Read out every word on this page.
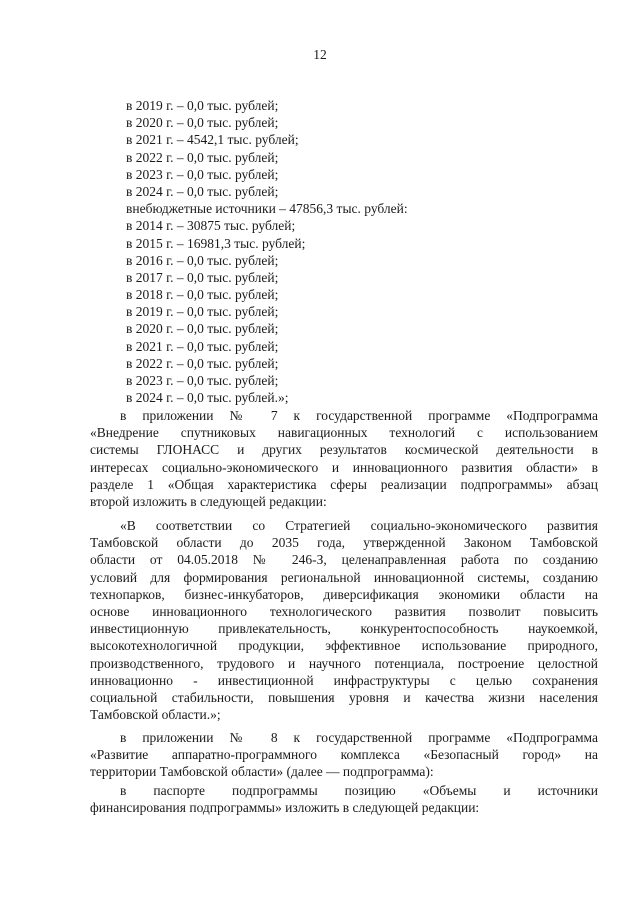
12
в 2019 г. – 0,0 тыс. рублей;
в 2020 г. – 0,0 тыс. рублей;
в 2021 г. – 4542,1 тыс. рублей;
в 2022 г. – 0,0 тыс. рублей;
в 2023 г. – 0,0 тыс. рублей;
в 2024 г. – 0,0 тыс. рублей;
внебюджетные источники – 47856,3 тыс. рублей:
в 2014 г. – 30875 тыс. рублей;
в 2015 г. – 16981,3 тыс. рублей;
в 2016 г. – 0,0 тыс. рублей;
в 2017 г. – 0,0 тыс. рублей;
в 2018 г. – 0,0 тыс. рублей;
в 2019 г. – 0,0 тыс. рублей;
в 2020 г. – 0,0 тыс. рублей;
в 2021 г. – 0,0 тыс. рублей;
в 2022 г. – 0,0 тыс. рублей;
в 2023 г. – 0,0 тыс. рублей;
в 2024 г. – 0,0 тыс. рублей.»;
в приложении № 7 к государственной программе «Подпрограмма
«Внедрение спутниковых навигационных технологий с использованием
системы ГЛОНАСС и других результатов космической деятельности в
интересах социально-экономического и инновационного развития области» в
разделе 1 «Общая характеристика сферы реализации подпрограммы» абзац
второй изложить в следующей редакции:
«В соответствии со Стратегией социально-экономического развития
Тамбовской области до 2035 года, утвержденной Законом Тамбовской
области от 04.05.2018 № 246-З, целенаправленная работа по созданию
условий для формирования региональной инновационной системы, созданию
технопарков, бизнес-инкубаторов, диверсификация экономики области на
основе инновационного технологического развития позволит повысить
инвестиционную привлекательность, конкурентоспособность наукоемкой,
высокотехнологичной продукции, эффективное использование природного,
производственного, трудового и научного потенциала, построение целостной
инновационно - инвестиционной инфраструктуры с целью сохранения
социальной стабильности, повышения уровня и качества жизни населения
Тамбовской области.»;
в приложении № 8 к государственной программе «Подпрограмма
«Развитие аппаратно-программного комплекса «Безопасный город» на
территории Тамбовской области» (далее — подпрограмма):
в паспорте подпрограммы позицию «Объемы и источники
финансирования подпрограммы» изложить в следующей редакции:
